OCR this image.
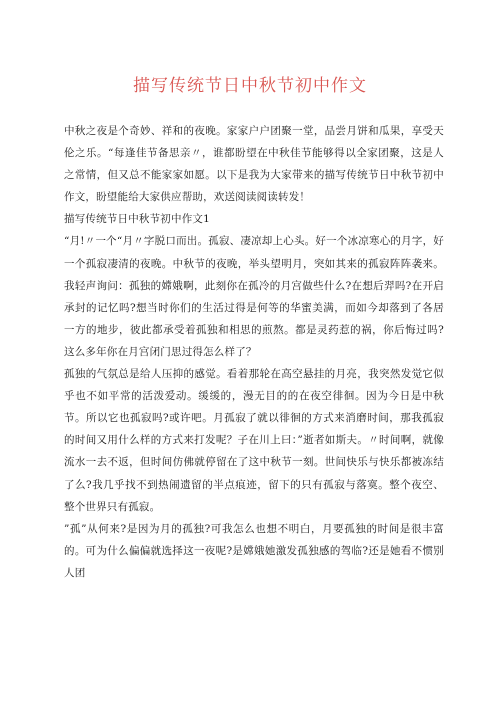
描写传统节日中秋节初中作文

中秋之夜是个奇妙、祥和的夜晚。家家户户团聚一堂，品尝月饼和瓜果，享受天伦之乐。“每逢佳节备思亲〃，谁都盼望在中秋佳节能够得以全家团聚，这是人之常情，但又总不能家家如愿。以下是我为大家带来的描写传统节日中秋节初中作文，盼望能给大家供应帮助，欢送阅读阅读转发！

描写传统节日中秋节初中作文1

“月!〃一个“月〃字脱口而出。孤寂、凄凉却上心头。好一个冰凉寒心的月字，好一个孤寂凄清的夜晚。中秋节的夜晚，举头望明月，突如其来的孤寂阵阵袭来。我轻声询问：孤独的嫦娥啊，此刻你在孤冷的月宫做些什么?在想后羿吗?在开启承封的记忆吗?想当时你们的生活过得是何等的华蜜美满，而如今却落到了各居一方的地步，彼此都承受着孤独和相思的煎熬。都是灵药惹的祸，你后悔过吗?这么多年你在月宫闭门思过得怎么样了？

孤独的气氛总是给人压抑的感觉。看着那轮在高空悬挂的月亮，我突然发觉它似乎也不如平常的活泼爱动。缓缓的，漫无目的的在夜空徘徊。因为今日是中秋节。所以它也孤寂吗?或许吧。月孤寂了就以徘徊的方式来消磨时间，那我孤寂的时间又用什么样的方式来打发呢？子在川上曰：”逝者如斯夫。〃时间啊，就像流水一去不返，但时间仿佛就停留在了这中秋节一刻。世间快乐与快乐都被冻结了么?我几乎找不到热闹遗留的半点痕迹，留下的只有孤寂与落寞。整个夜空、整个世界只有孤寂。

”孤”从何来?是因为月的孤独?可我怎么也想不明白，月要孤独的时间是很丰富的。可为什么偏偏就选择这一夜呢?是嫦娥她激发孤独感的驾临?还是她看不惯别人团
